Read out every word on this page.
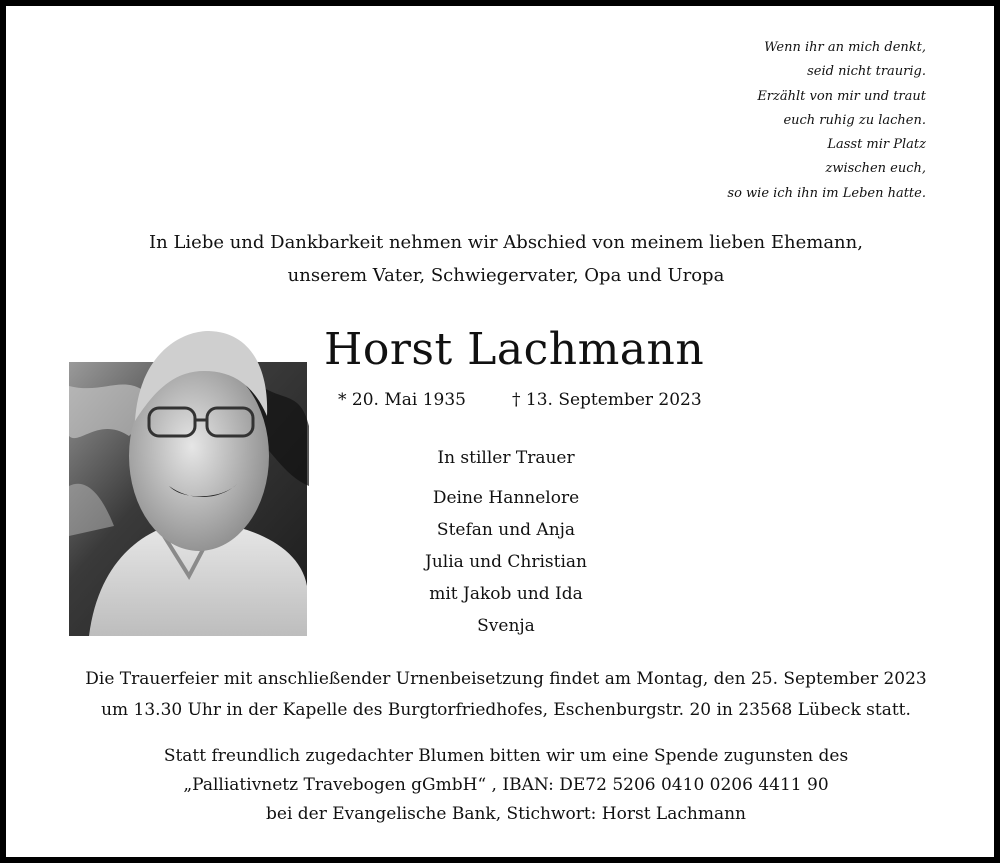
Wenn ihr an mich denkt,
seid nicht traurig.
Erzählt von mir und traut
euch ruhig zu lachen.
Lasst mir Platz
zwischen euch,
so wie ich ihn im Leben hatte.
In Liebe und Dankbarkeit nehmen wir Abschied von meinem lieben Ehemann,
unserem Vater, Schwiegervater, Opa und Uropa
Horst Lachmann
* 20. Mai 1935	† 13. September 2023
In stiller Trauer
Deine Hannelore
Stefan und Anja
Julia und Christian
mit Jakob und Ida
Svenja
Die Trauerfeier mit anschließender Urnenbeisetzung findet am Montag, den 25. September 2023
um 13.30 Uhr in der Kapelle des Burgtorfriedhofes, Eschenburgstr. 20 in 23568 Lübeck statt.
Statt freundlich zugedachter Blumen bitten wir um eine Spende zugunsten des
„Palliativnetz Travebogen gGmbH“ , IBAN: DE72 5206 0410 0206 4411 90
bei der Evangelische Bank, Stichwort: Horst Lachmann
